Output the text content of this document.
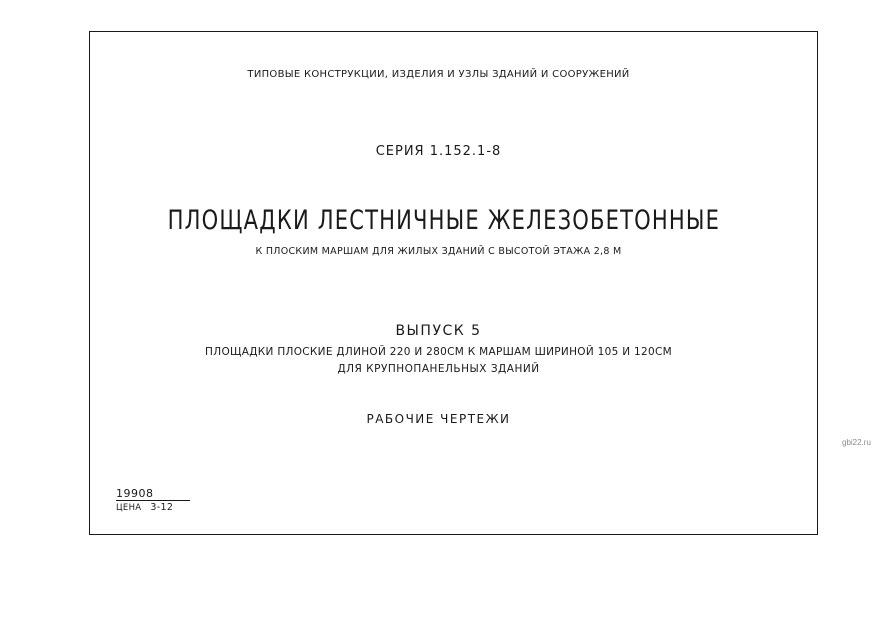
ТИПОВЫЕ КОНСТРУКЦИИ, ИЗДЕЛИЯ И УЗЛЫ ЗДАНИЙ И СООРУЖЕНИЙ
СЕРИЯ 1.152.1-8
ПЛОЩАДКИ ЛЕСТНИЧНЫЕ ЖЕЛЕЗОБЕТОННЫЕ
К ПЛОСКИМ МАРШАМ ДЛЯ ЖИЛЫХ ЗДАНИЙ С ВЫСОТОЙ ЭТАЖА 2,8 М
ВЫПУСК 5
ПЛОЩАДКИ ПЛОСКИЕ ДЛИНОЙ 220 И 280СМ К МАРШАМ ШИРИНОЙ 105 И 120СМ
ДЛЯ КРУПНОПАНЕЛЬНЫХ ЗДАНИЙ
РАБОЧИЕ ЧЕРТЕЖИ
19908
ЦЕНА 3-12
gbi22.ru
